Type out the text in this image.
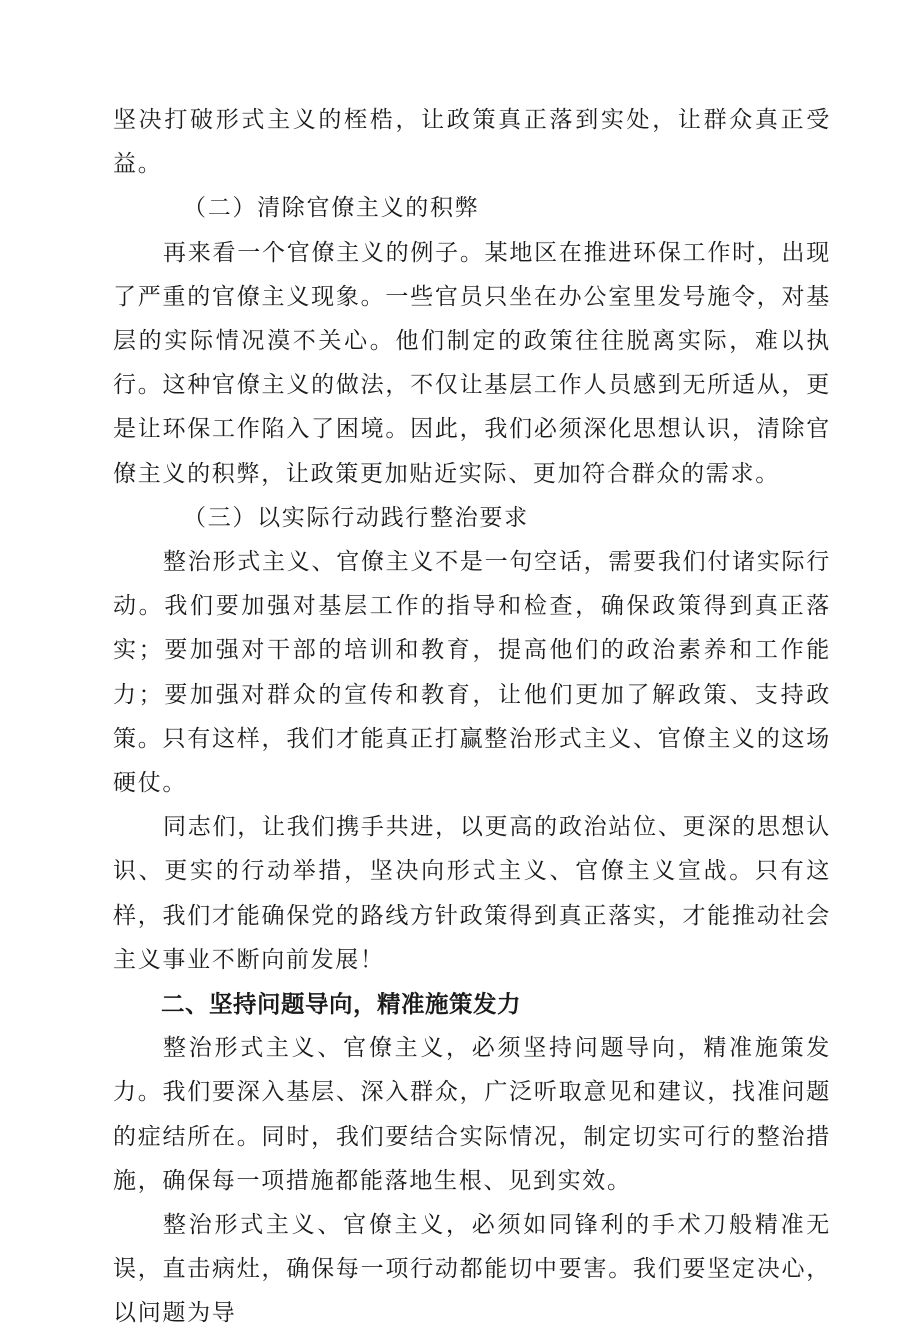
坚决打破形式主义的桎梏，让政策真正落到实处，让群众真正受益。

（二）清除官僚主义的积弊

再来看一个官僚主义的例子。某地区在推进环保工作时，出现了严重的官僚主义现象。一些官员只坐在办公室里发号施令，对基层的实际情况漠不关心。他们制定的政策往往脱离实际，难以执行。这种官僚主义的做法，不仅让基层工作人员感到无所适从，更是让环保工作陷入了困境。因此，我们必须深化思想认识，清除官僚主义的积弊，让政策更加贴近实际、更加符合群众的需求。

（三）以实际行动践行整治要求

整治形式主义、官僚主义不是一句空话，需要我们付诸实际行动。我们要加强对基层工作的指导和检查，确保政策得到真正落实；要加强对干部的培训和教育，提高他们的政治素养和工作能力；要加强对群众的宣传和教育，让他们更加了解政策、支持政策。只有这样，我们才能真正打赢整治形式主义、官僚主义的这场硬仗。

同志们，让我们携手共进，以更高的政治站位、更深的思想认识、更实的行动举措，坚决向形式主义、官僚主义宣战。只有这样，我们才能确保党的路线方针政策得到真正落实，才能推动社会主义事业不断向前发展！

二、坚持问题导向，精准施策发力

整治形式主义、官僚主义，必须坚持问题导向，精准施策发力。我们要深入基层、深入群众，广泛听取意见和建议，找准问题的症结所在。同时，我们要结合实际情况，制定切实可行的整治措施，确保每一项措施都能落地生根、见到实效。

整治形式主义、官僚主义，必须如同锋利的手术刀般精准无误，直击病灶，确保每一项行动都能切中要害。我们要坚定决心，以问题为导
